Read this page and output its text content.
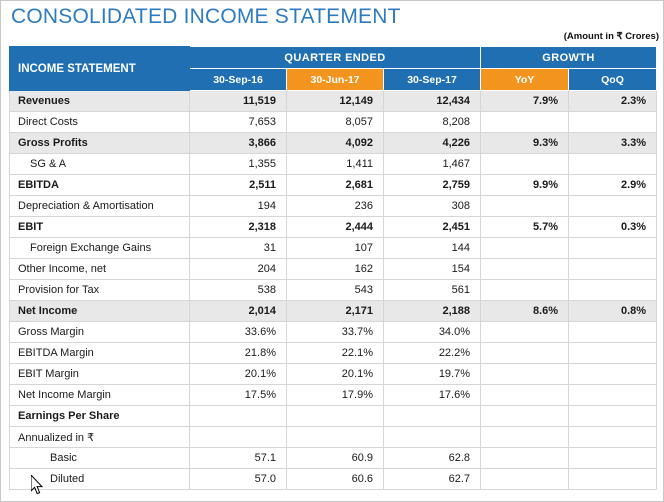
CONSOLIDATED INCOME STATEMENT
(Amount in ₹ Crores)
INCOME STATEMENT	QUARTER ENDED			GROWTH	
	30-Sep-16	30-Jun-17	30-Sep-17	YoY	QoQ
Revenues	11,519	12,149	12,434	7.9%	2.3%
Direct Costs	7,653	8,057	8,208		
Gross Profits	3,866	4,092	4,226	9.3%	3.3%
SG & A	1,355	1,411	1,467		
EBITDA	2,511	2,681	2,759	9.9%	2.9%
Depreciation & Amortisation	194	236	308		
EBIT	2,318	2,444	2,451	5.7%	0.3%
Foreign Exchange Gains	31	107	144		
Other Income, net	204	162	154		
Provision for Tax	538	543	561		
Net Income	2,014	2,171	2,188	8.6%	0.8%
Gross Margin	33.6%	33.7%	34.0%		
EBITDA Margin	21.8%	22.1%	22.2%		
EBIT Margin	20.1%	20.1%	19.7%		
Net Income Margin	17.5%	17.9%	17.6%		
Earnings Per Share					
Annualized in ₹					
Basic	57.1	60.9	62.8		
Diluted	57.0	60.6	62.7		
